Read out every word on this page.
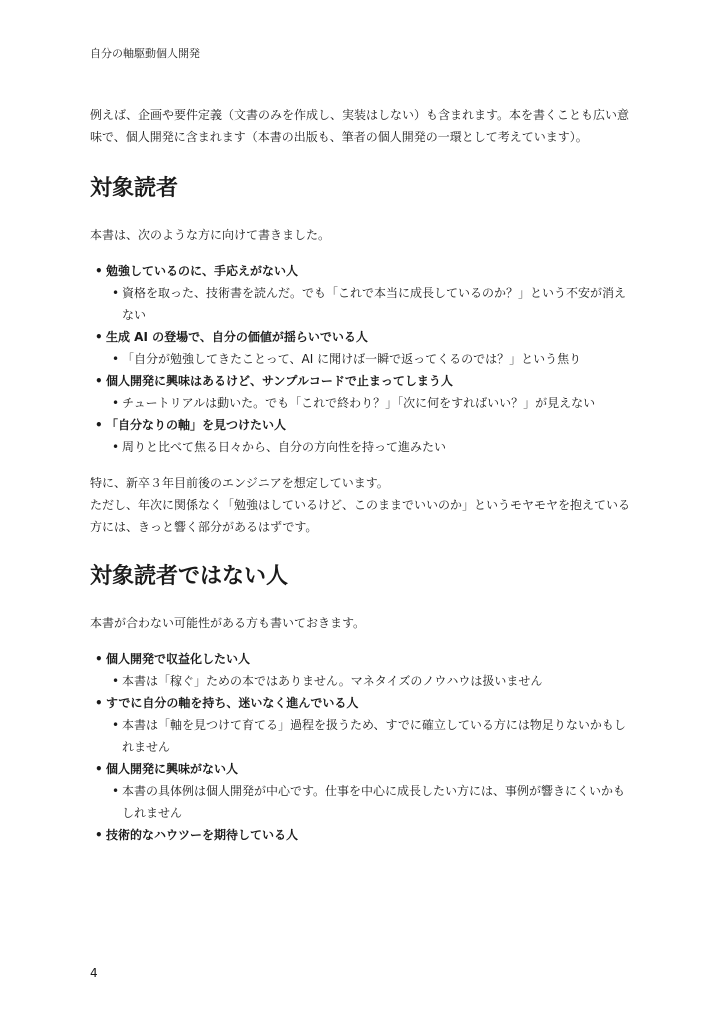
自分の軸駆動個人開発

例えば、企画や要件定義（文書のみを作成し、実装はしない）も含まれます。本を書くことも広い意味で、個人開発に含まれます（本書の出版も、筆者の個人開発の一環として考えています）。

対象読者

本書は、次のような方に向けて書きました。

• 勉強しているのに、手応えがない人
• 資格を取った、技術書を読んだ。でも「これで本当に成長しているのか？」という不安が消えない
• 生成 AI の登場で、自分の価値が揺らいでいる人
• 「自分が勉強してきたことって、AI に聞けば一瞬で返ってくるのでは？」という焦り
• 個人開発に興味はあるけど、サンプルコードで止まってしまう人
• チュートリアルは動いた。でも「これで終わり？」「次に何をすればいい？」が見えない
• 「自分なりの軸」を見つけたい人
• 周りと比べて焦る日々から、自分の方向性を持って進みたい

特に、新卒３年目前後のエンジニアを想定しています。

ただし、年次に関係なく「勉強はしているけど、このままでいいのか」というモヤモヤを抱えている方には、きっと響く部分があるはずです。

対象読者ではない人

本書が合わない可能性がある方も書いておきます。

• 個人開発で収益化したい人
• 本書は「稼ぐ」ための本ではありません。マネタイズのノウハウは扱いません
• すでに自分の軸を持ち、迷いなく進んでいる人
• 本書は「軸を見つけて育てる」過程を扱うため、すでに確立している方には物足りないかもしれません
• 個人開発に興味がない人
• 本書の具体例は個人開発が中心です。仕事を中心に成長したい方には、事例が響きにくいかもしれません
• 技術的なハウツーを期待している人
4
